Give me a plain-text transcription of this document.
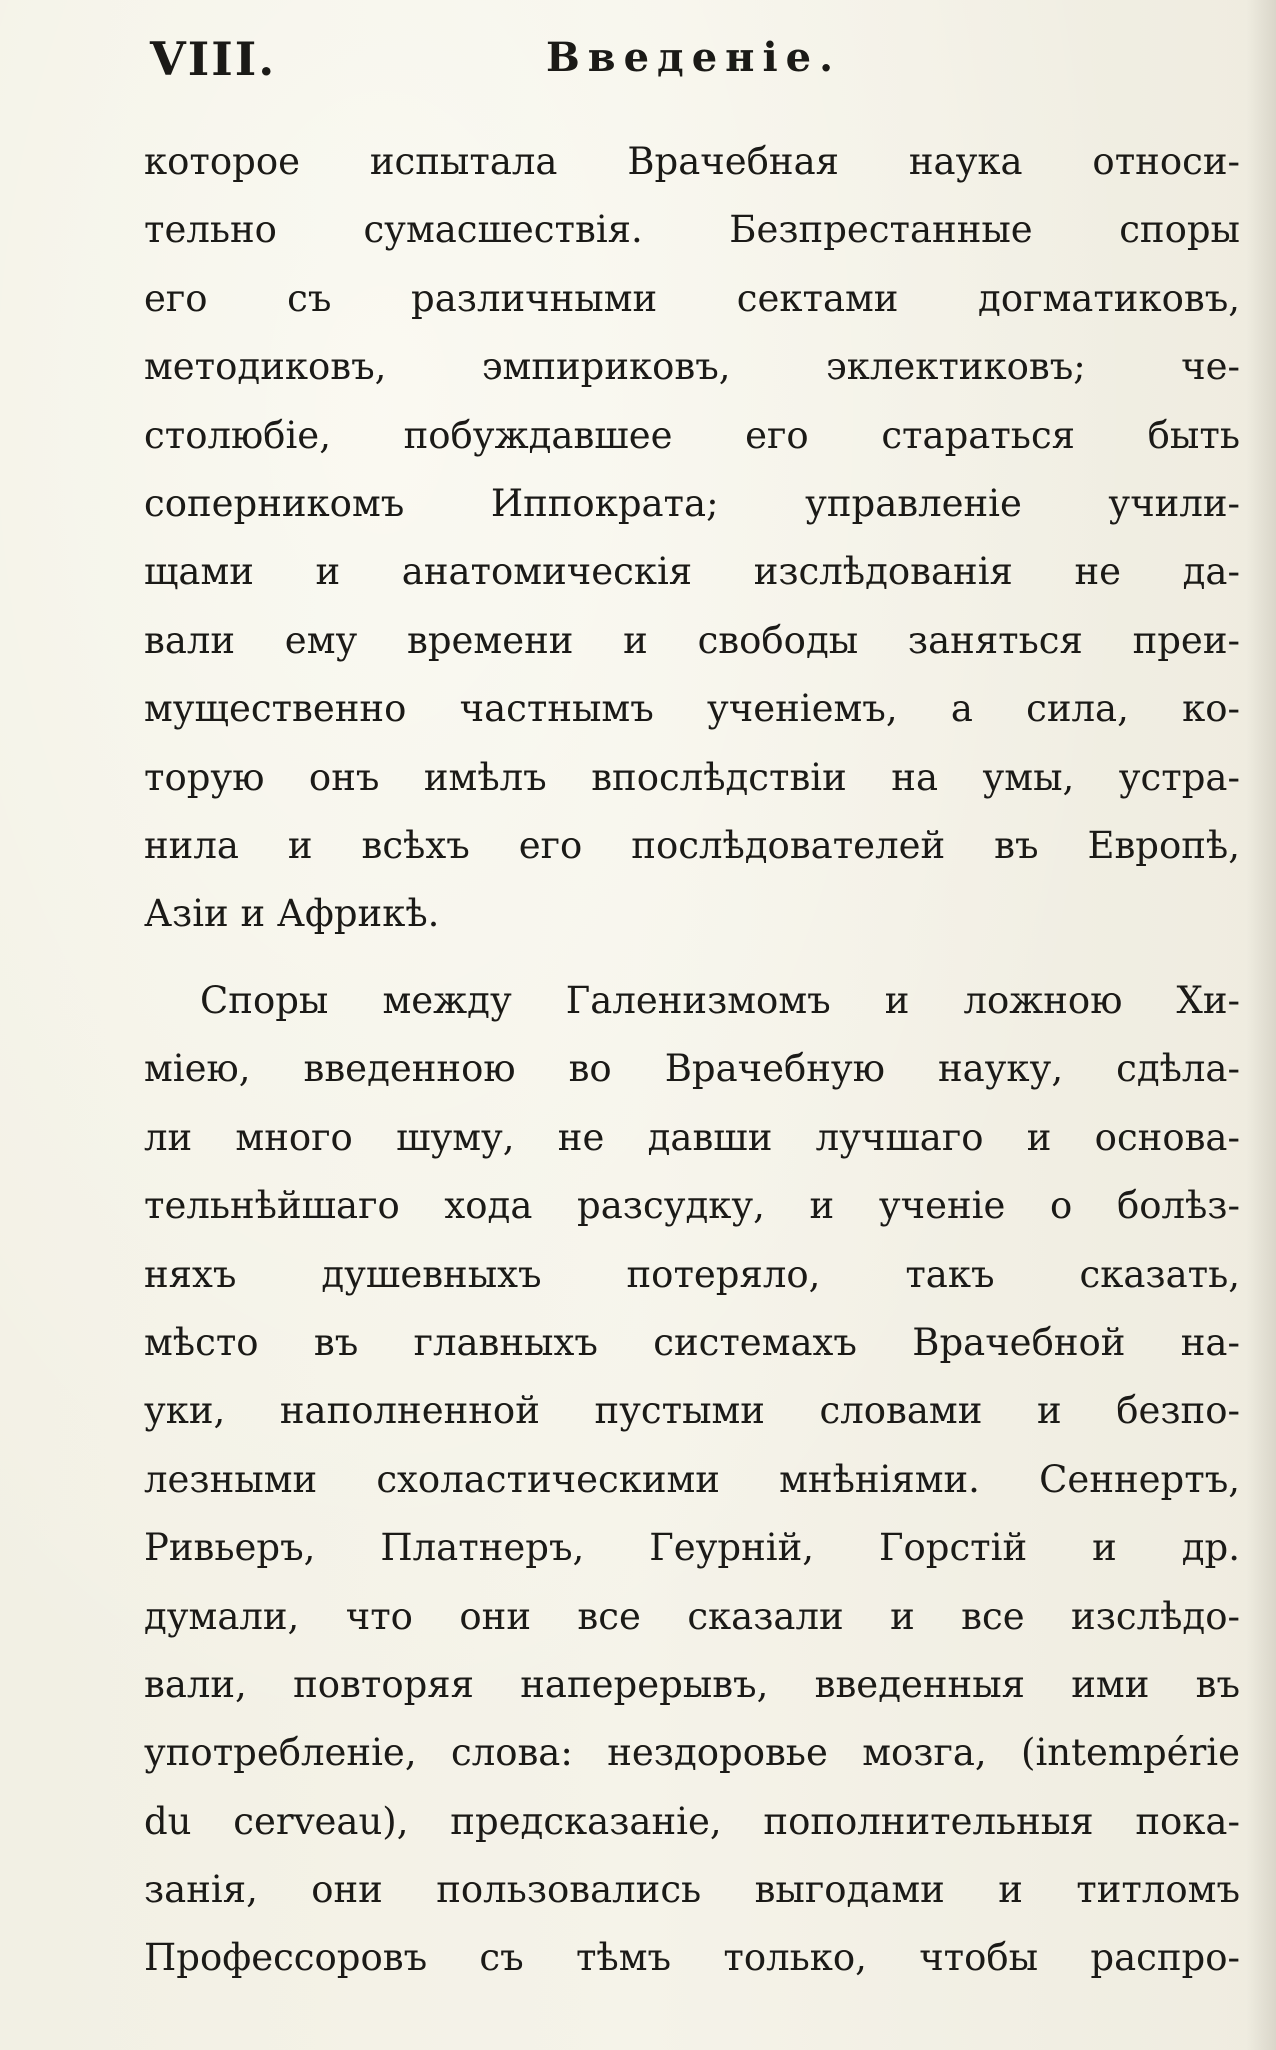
VIII.	Введеніе.
которое испытала Врачебная наука относи-
тельно сумасшествія. Безпрестанные споры
его съ различными сектами догматиковъ,
методиковъ, эмпириковъ, эклектиковъ; че-
столюбіе, побуждавшее его стараться быть
соперникомъ Иппократа; управленіе учили-
щами и анатомическія изслѣдованія не да-
вали ему времени и свободы заняться преи-
мущественно частнымъ ученіемъ, а сила, ко-
торую онъ имѣлъ впослѣдствіи на умы, устра-
нила и всѣхъ его послѣдователей въ Европѣ,
Азіи и Африкѣ.
Споры между Галенизмомъ и ложною Хи-
міею, введенною во Врачебную науку, сдѣла-
ли много шуму, не давши лучшаго и основа-
тельнѣйшаго хода разсудку, и ученіе о болѣз-
няхъ душевныхъ потеряло, такъ сказать,
мѣсто въ главныхъ системахъ Врачебной на-
уки, наполненной пустыми словами и безпо-
лезными схоластическими мнѣніями. Сеннертъ,
Ривьеръ, Платнеръ, Геурній, Горстій и др.
думали, что они все сказали и все изслѣдо-
вали, повторяя наперерывъ, введенныя ими въ
употребленіе, слова: нездоровье мозга, (intempérie
du cerveau), предсказаніе, пополнительныя пока-
занія, они пользовались выгодами и титломъ
Профессоровъ съ тѣмъ только, чтобы распро-
